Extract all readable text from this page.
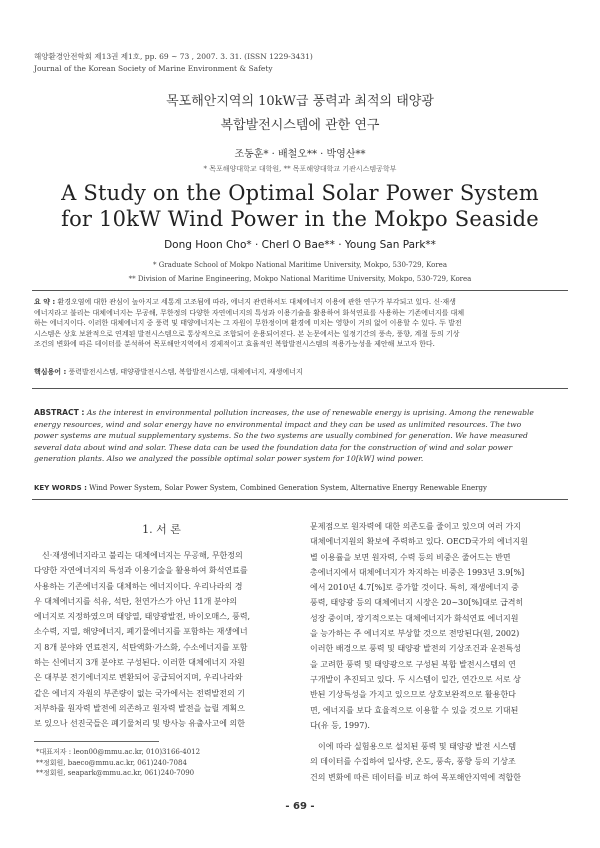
해양환경안전학회 제13권 제1호, pp. 69 ~ 73 , 2007. 3. 31. (ISSN 1229-3431)
Journal of the Korean Society of Marine Environment & Safety
목포해안지역의 10kW급 풍력과 최적의 태양광
복합발전시스템에 관한 연구
조동훈* · 배철오** · 박영산**
* 목포해양대학교 대학원, ** 목포해양대학교 기관시스템공학부
A Study on the Optimal Solar Power System
for 10kW Wind Power in the Mokpo Seaside
Dong Hoon Cho* · Cherl O Bae** · Young San Park**
* Graduate School of Mokpo National Maritime University, Mokpo, 530-729, Korea
** Division of Marine Engineering, Mokpo National Maritime University, Mokpo, 530-729, Korea
요 약 : 환경오염에 대한 관심이 높아지고 세통계 고조됨에 따라, 에너지 관련하서도 대체에너지 이용에 관한 연구가 부각되고 있다. 신·재생
에너지라고 불리는 대체에너지는 무공해, 무한정의 다양한 자연에너지의 특성과 이용기술을 활용하여 화석연료를 사용하는 기존에너지를 대체
하는 에너지이다. 이러한 대체에너지 중 풍력 및 태양에너지는 그 자원이 무한정이며 환경에 미치는 영향이 거의 없어 이용할 수 있다. 두 발전
시스템은 상호 보완적으로 연계된 발전시스템으로 통상적으로 조합되어 운용되어진다. 본 논문에서는 일정기간의 풍속, 풍향, 계절 등의 기상
조건의 변화에 따른 데이터를 분석하여 목포해안지역에서 경제적이고 효율적인 복합발전시스템의 적용가능성을 제안해 보고자 한다.
핵심용어 : 풍력발전시스템, 태양광발전시스템, 복합발전시스템, 대체에너지, 재생에너지
ABSTRACT : As the interest in environmental pollution increases, the use of renewable energy is uprising. Among the renewable
energy resources, wind and solar energy have no environmental impact and they can be used as unlimited resources. The two
power systems are mutual supplementary systems. So the two systems are usually combined for generation. We have measured
several data about wind and solar. These data can be used the foundation data for the construction of wind and solar power
generation plants. Also we analyzed the possible optimal solar power system for 10[kW] wind power.
KEY WORDS : Wind Power System, Solar Power System, Combined Generation System, Alternative Energy Renewable Energy
1. 서 론
신·재생에너지라고 불리는 대체에너지는 무공해, 무한정의
다양한 자연에너지의 특성과 이용기술을 활용하여 화석연료를
사용하는 기존에너지를 대체하는 에너지이다. 우리나라의 경
우 대체에너지를 석유, 석탄, 천연가스가 아닌 11개 분야의
에너지로 지정하였으며 태양열, 태양광발전, 바이오매스, 풍력,
소수력, 지열, 해양에너지, 폐기물에너지를 포함하는 재생에너
지 8개 분야와 연료전지, 석탄액화·가스화, 수소에너지를 포함
하는 신에너지 3개 분야로 구성된다. 이러한 대체에너지 자원
은 대부분 전기에너지로 변환되어 공급되어지며, 우리나라와
같은 에너지 자원의 부존량이 없는 국가에서는 전력발전의 기
저부하를 원자력 발전에 의존하고 원자력 발전을 늘릴 계획으
로 있으나 선진국들은 폐기물처리 및 방사능 유출사고에 의한
*대표저자 : leon00@mmu.ac.kr, 010)3166-4012
**정회원, baeco@mmu.ac.kr, 061)240-7084
**정회원, seapark@mmu.ac.kr, 061)240-7090
문제점으로 원자력에 대한 의존도를 줄이고 있으며 여러 가지
대체에너지원의 확보에 주력하고 있다. OECD국가의 에너지원
별 이용률을 보면 원자력, 수력 등의 비중은 줄어드는 반면
총에너지에서 대체에너지가 차지하는 비중은 1993년 3.9[%]
에서 2010년 4.7[%]로 증가할 것이다. 특히, 재생에너지 중
풍력, 태양광 등의 대체에너지 시장은 20~30[%]대로 급격히
성장 중이며, 장기적으로는 대체에너지가 화석연료 에너지원
을 능가하는 주 에너지로 부상할 것으로 전망된다(원, 2002)
이러한 배경으로 풍력 및 태양광 발전의 기상조건과 운전특성
을 고려한 풍력 및 태양광으로 구성된 복합 발전시스템의 연
구개발이 추진되고 있다. 두 시스템이 일간, 연간으로 서로 상
반된 기상특성을 가지고 있으므로 상호보완적으로 활용한다
면, 에너지를 보다 효율적으로 이용할 수 있을 것으로 기대된
다(유 등, 1997).
이에 따라 실험용으로 설치된 풍력 및 태양광 발전 시스템
의 데이터를 수집하여 일사량, 온도, 풍속, 풍향 등의 기상조
건의 변화에 따른 데이터를 비교 하여 목포해안지역에 적합한
- 69 -
